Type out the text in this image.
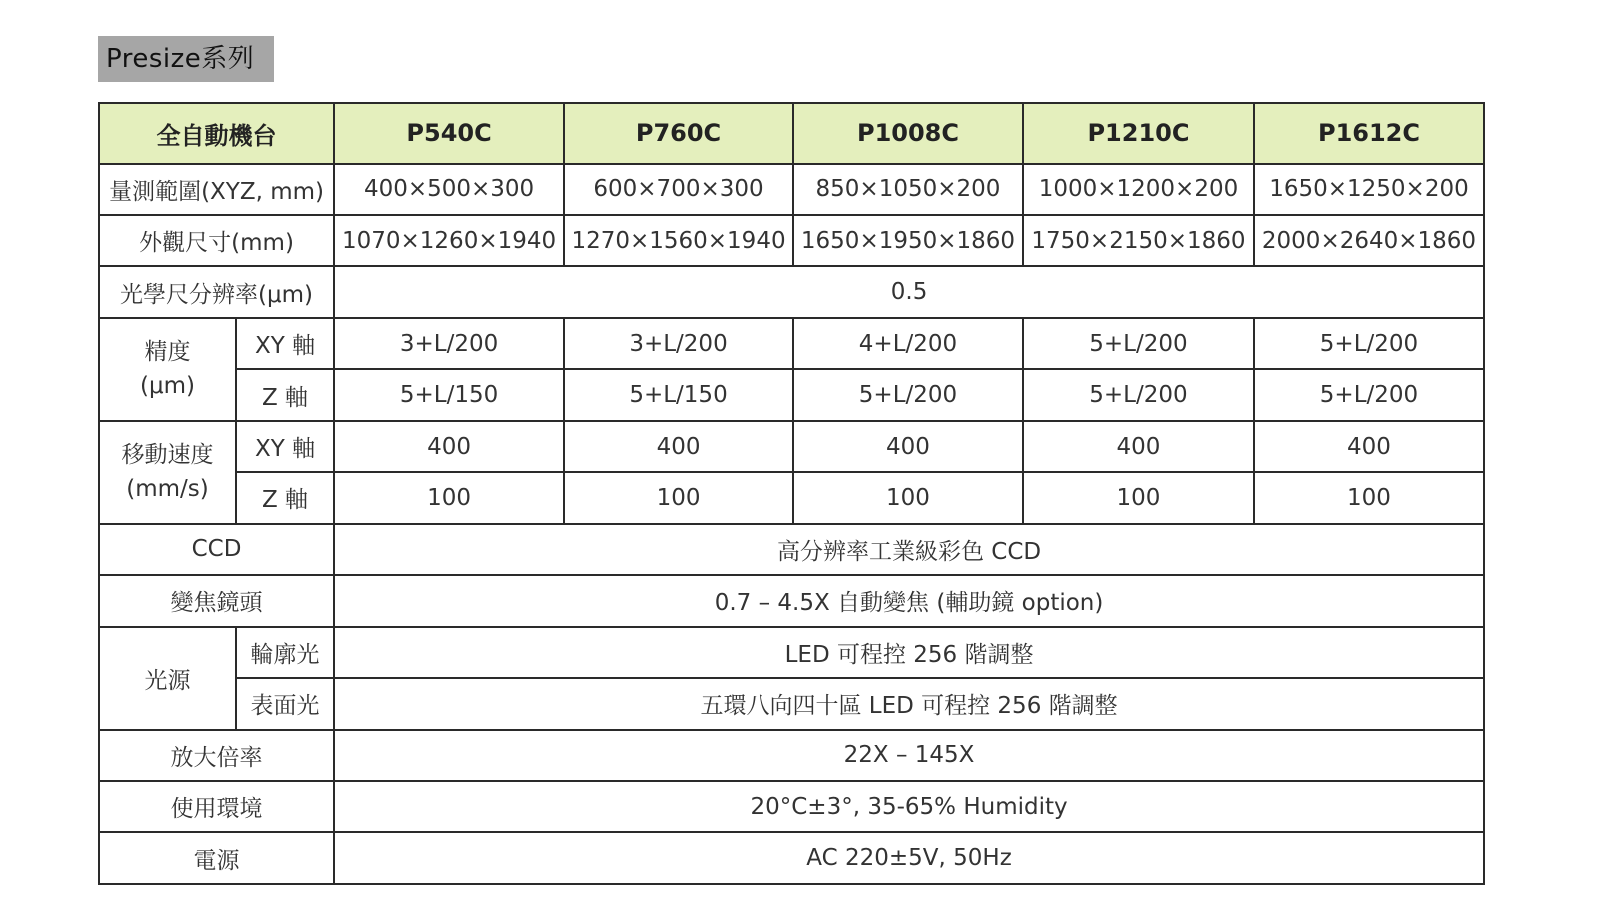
Presize系列
全自動機台		P540C	P760C	P1008C	P1210C	P1612C
量測範圍(XYZ, mm)		400×500×300	600×700×300	850×1050×200	1000×1200×200	1650×1250×200
外觀尺寸(mm)		1070×1260×1940	1270×1560×1940	1650×1950×1860	1750×2150×1860	2000×2640×1860
光學尺分辨率(μm)		0.5				

精度
(μm)	XY 軸	3+L/200	3+L/200	4+L/200	5+L/200	5+L/200
	Z 軸	5+L/150	5+L/150	5+L/200	5+L/200	5+L/200

移動速度
(mm/s)	XY 軸	400	400	400	400	400
	Z 軸	100	100	100	100	100
CCD		高分辨率工業級彩色 CCD				
變焦鏡頭		0.7 – 4.5X 自動變焦 (輔助鏡 option)				
光源	輪廓光	LED 可程控 256 階調整				
	表面光	五環八向四十區 LED 可程控 256 階調整				
放大倍率		22X – 145X				
使用環境		20°C±3°, 35-65% Humidity				
電源		AC 220±5V, 50Hz				
